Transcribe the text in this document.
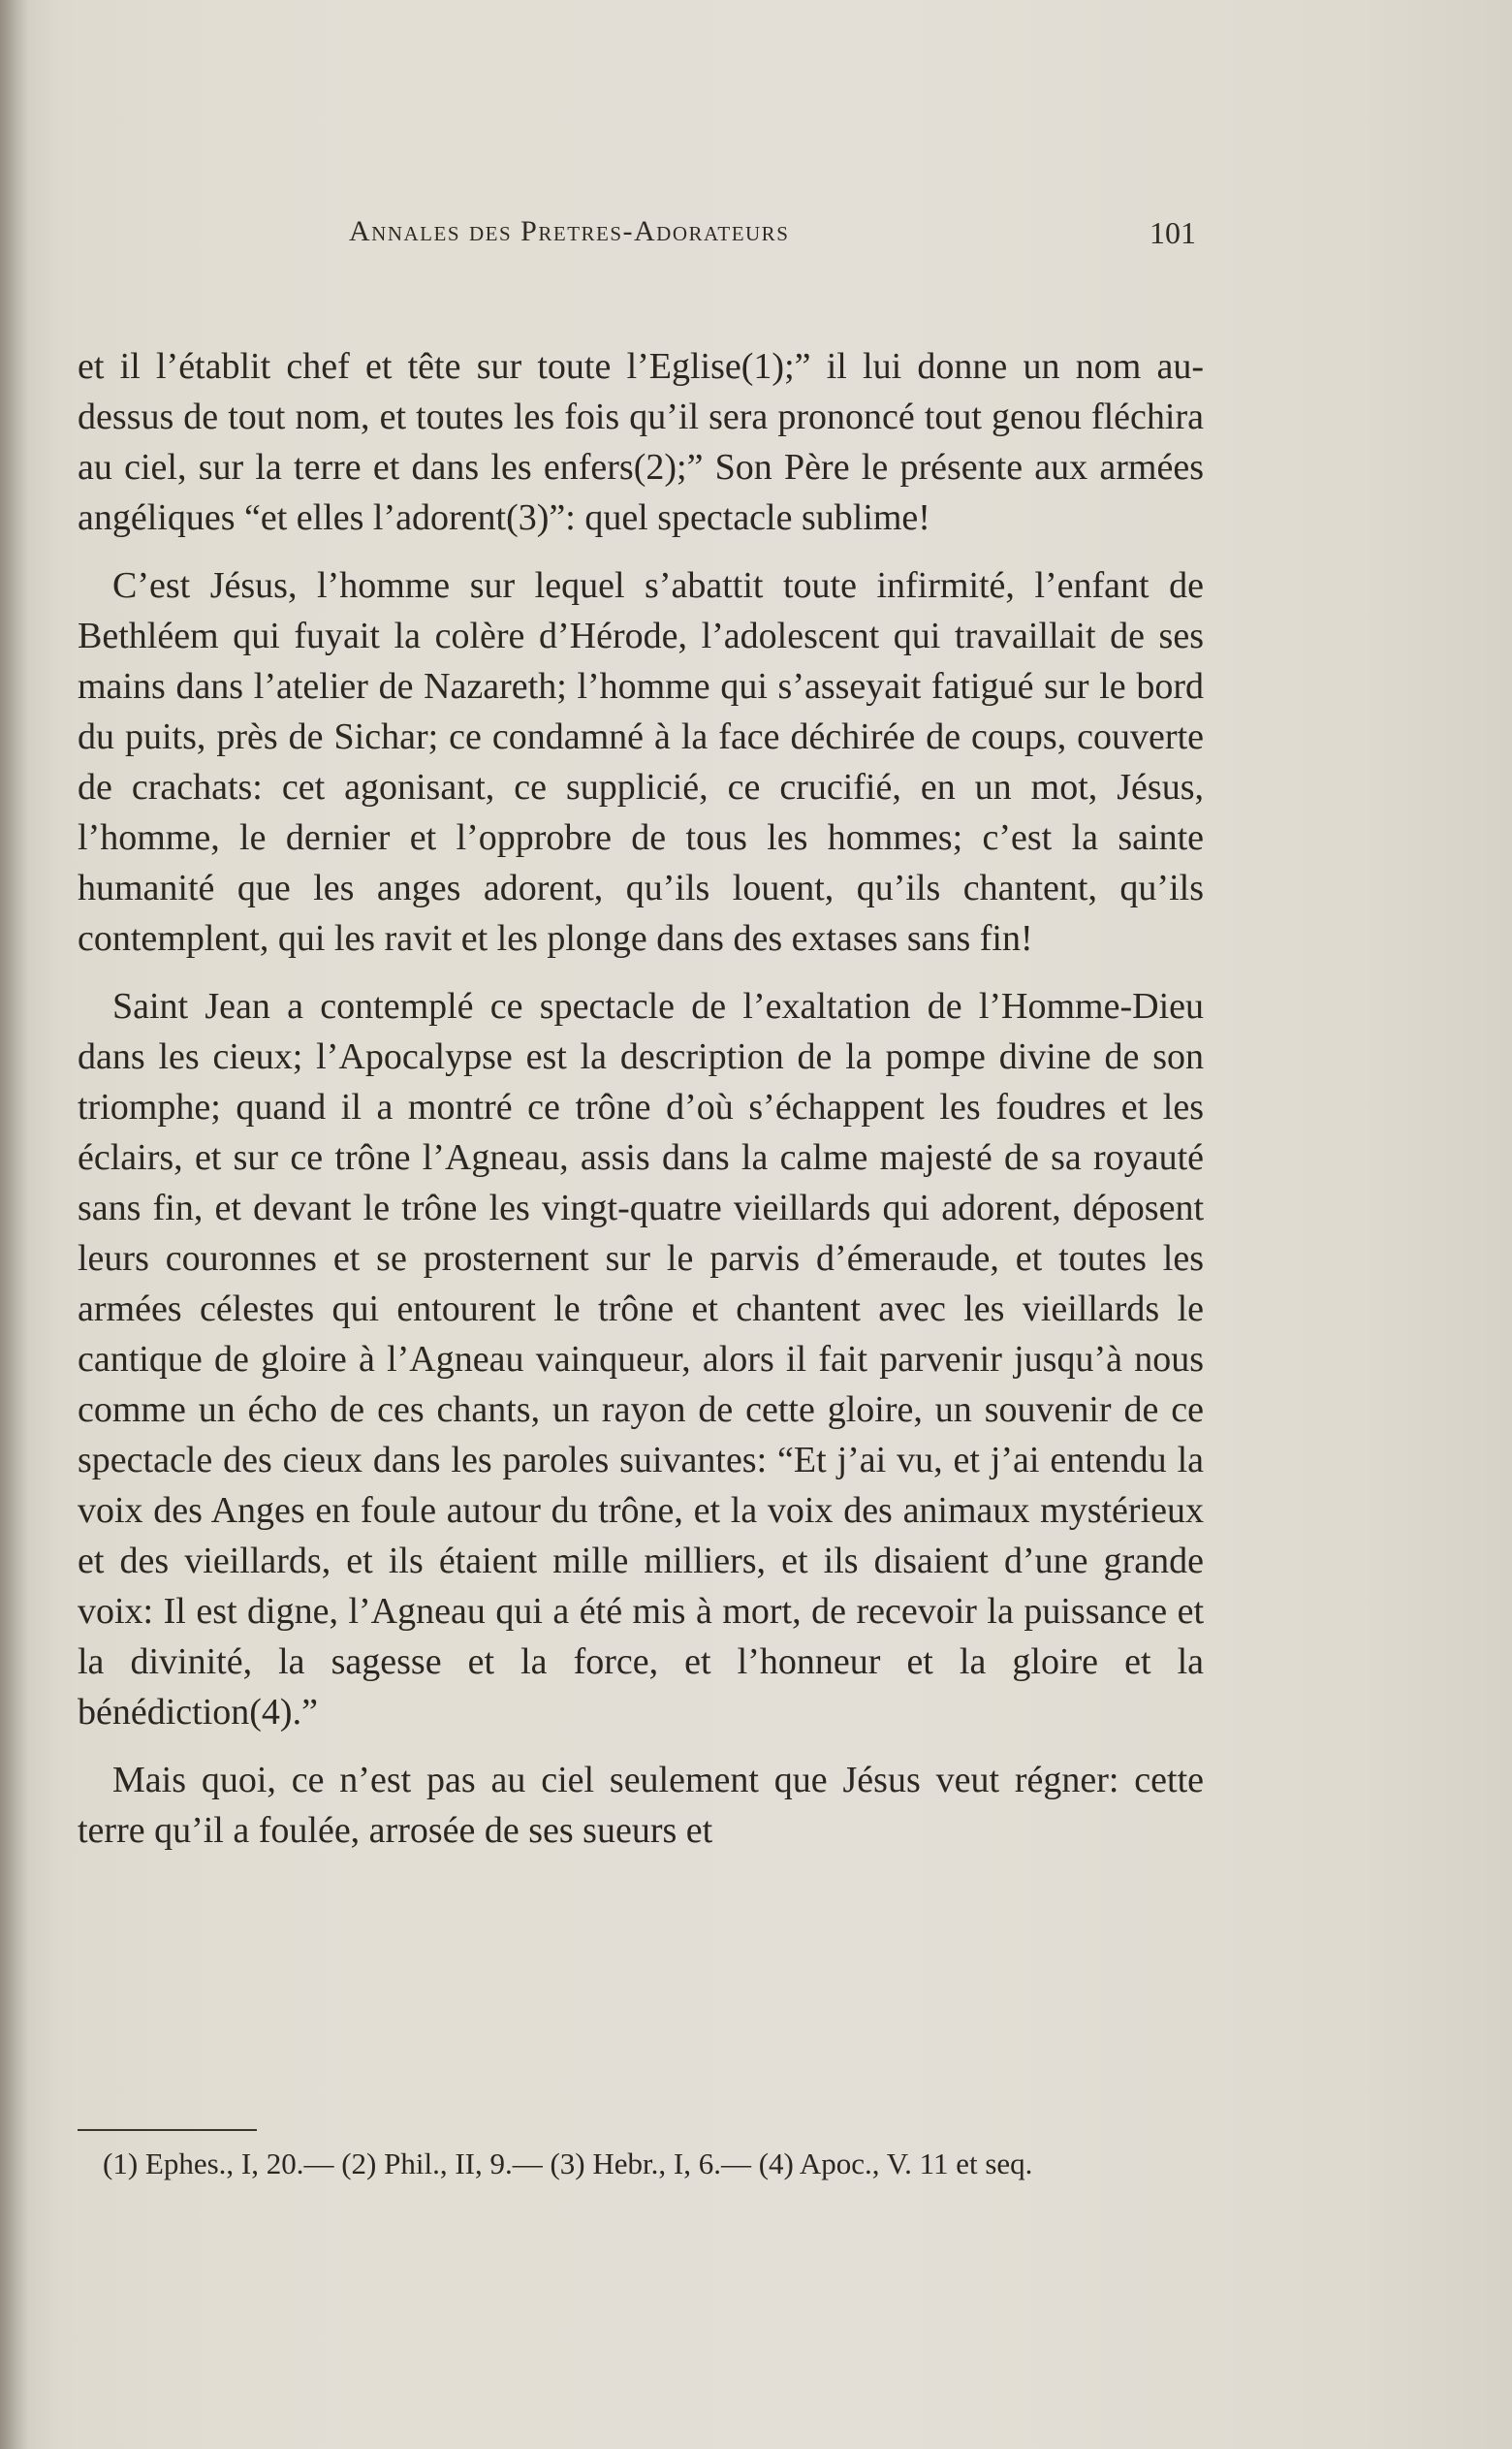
Annales des Pretres-Adorateurs	101

et il l’établit chef et tête sur toute l’Eglise(1);” il lui donne un nom au-dessus de tout nom, et toutes les fois qu’il sera prononcé tout genou fléchira au ciel, sur la terre et dans les enfers(2);” Son Père le présente aux armées angéliques “et elles l’adorent(3)”: quel spectacle sublime!

C’est Jésus, l’homme sur lequel s’abattit toute infirmité, l’enfant de Bethléem qui fuyait la colère d’Hérode, l’adolescent qui travaillait de ses mains dans l’atelier de Nazareth; l’homme qui s’asseyait fatigué sur le bord du puits, près de Sichar; ce condamné à la face déchirée de coups, couverte de crachats: cet agonisant, ce supplicié, ce crucifié, en un mot, Jésus, l’homme, le dernier et l’opprobre de tous les hommes; c’est la sainte humanité que les anges adorent, qu’ils louent, qu’ils chantent, qu’ils contemplent, qui les ravit et les plonge dans des extases sans fin!

Saint Jean a contemplé ce spectacle de l’exaltation de l’Homme-Dieu dans les cieux; l’Apocalypse est la description de la pompe divine de son triomphe; quand il a montré ce trône d’où s’échappent les foudres et les éclairs, et sur ce trône l’Agneau, assis dans la calme majesté de sa royauté sans fin, et devant le trône les vingt-quatre vieillards qui adorent, déposent leurs couronnes et se prosternent sur le parvis d’émeraude, et toutes les armées célestes qui entourent le trône et chantent avec les vieillards le cantique de gloire à l’Agneau vainqueur, alors il fait parvenir jusqu’à nous comme un écho de ces chants, un rayon de cette gloire, un souvenir de ce spectacle des cieux dans les paroles suivantes: “Et j’ai vu, et j’ai entendu la voix des Anges en foule autour du trône, et la voix des animaux mystérieux et des vieillards, et ils étaient mille milliers, et ils disaient d’une grande voix: Il est digne, l’Agneau qui a été mis à mort, de recevoir la puissance et la divinité, la sagesse et la force, et l’honneur et la gloire et la bénédiction(4).”

Mais quoi, ce n’est pas au ciel seulement que Jésus veut régner: cette terre qu’il a foulée, arrosée de ses sueurs et

(1) Ephes., I, 20.— (2) Phil., II, 9.— (3) Hebr., I, 6.— (4) Apoc., V. 11 et seq.
